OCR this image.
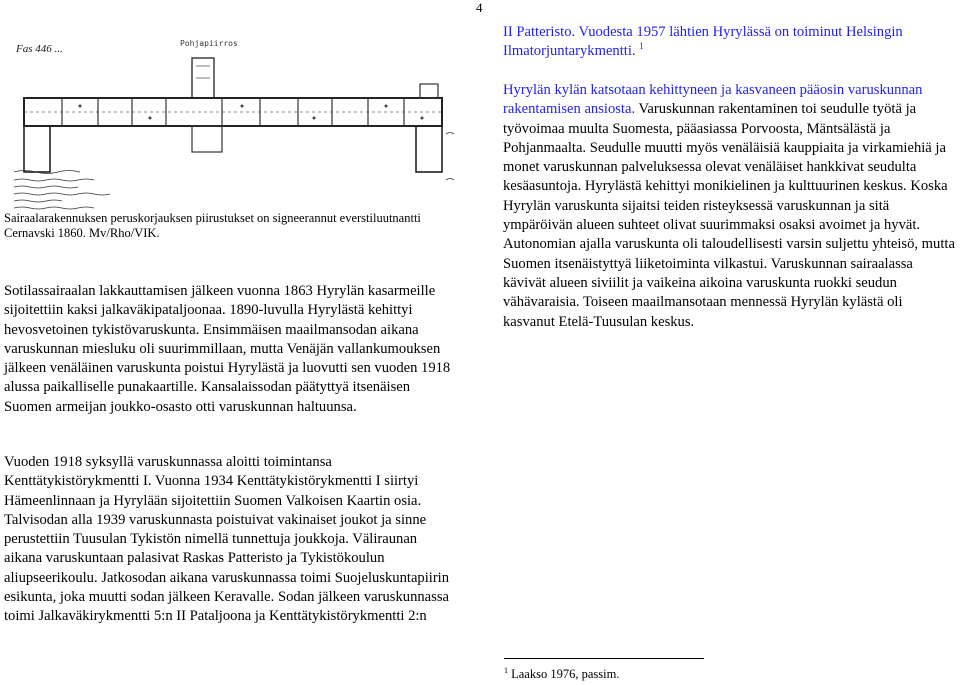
4
Fas 446 ...	Pohjapiirros
Sairaalarakennuksen peruskorjauksen piirustukset on signeerannut everstiluutnantti Cernavski 1860. Mv/Rho/VIK.
Sotilassairaalan lakkauttamisen jälkeen vuonna 1863 Hyrylän kasarmeille sijoitettiin kaksi jalkaväkipataljoonaa. 1890-luvulla Hyrylästä kehittyi hevosvetoinen tykistövaruskunta. Ensimmäisen maailmansodan aikana varuskunnan miesluku oli suurimmillaan, mutta Venäjän vallankumouksen jälkeen venäläinen varuskunta poistui Hyrylästä ja luovutti sen vuoden 1918 alussa paikalliselle punakaartille. Kansalaissodan päätyttyä itsenäisen Suomen armeijan joukko-osasto otti varuskunnan haltuunsa.
Vuoden 1918 syksyllä varuskunnassa aloitti toimintansa Kenttätykistörykmentti I. Vuonna 1934 Kenttätykistörykmentti I siirtyi Hämeenlinnaan ja Hyrylään sijoitettiin Suomen Valkoisen Kaartin osia. Talvisodan alla 1939 varuskunnasta poistuivat vakinaiset joukot ja sinne perustettiin Tuusulan Tykistön nimellä tunnettuja joukkoja. Väliraunan aikana varuskuntaan palasivat Raskas Patteristo ja Tykistökoulun aliupseerikoulu. Jatkosodan aikana varuskunnassa toimi Suojeluskuntapiirin esikunta, joka muutti sodan jälkeen Keravalle. Sodan jälkeen varuskunnassa toimi Jalkaväkirykmentti 5:n II Pataljoona ja Kenttätykistörykmentti 2:n
II Patteristo. Vuodesta 1957 lähtien Hyrylässä on toiminut Helsingin Ilmatorjuntarykmentti. $^1$
Hyrylän kylän katsotaan kehittyneen ja kasvaneen pääosin varuskunnan rakentamisen ansiosta. Varuskunnan rakentaminen toi seudulle työtä ja työvoimaa muulta Suomesta, pääasiassa Porvoosta, Mäntsälästä ja Pohjanmaalta. Seudulle muutti myös venäläisiä kauppiaita ja virkamiehiä ja monet varuskunnan palveluksessa olevat venäläiset hankkivat seudulta kesäasuntoja. Hyrylästä kehittyi monikielinen ja kulttuurinen keskus. Koska Hyrylän varuskunta sijaitsi teiden risteyksessä varuskunnan ja sitä ympäröivän alueen suhteet olivat suurimmaksi osaksi avoimet ja hyvät. Autonomian ajalla varuskunta oli taloudellisesti varsin suljettu yhteisö, mutta Suomen itsenäistyttyä liiketoiminta vilkastui. Varuskunnan sairaalassa kävivät alueen siviilit ja vaikeina aikoina varuskunta ruokki seudun vähävaraisia. Toiseen maailmansotaan mennessä Hyrylän kylästä oli kasvanut Etelä-Tuusulan keskus.
$^1$ Laakso 1976, passim.
